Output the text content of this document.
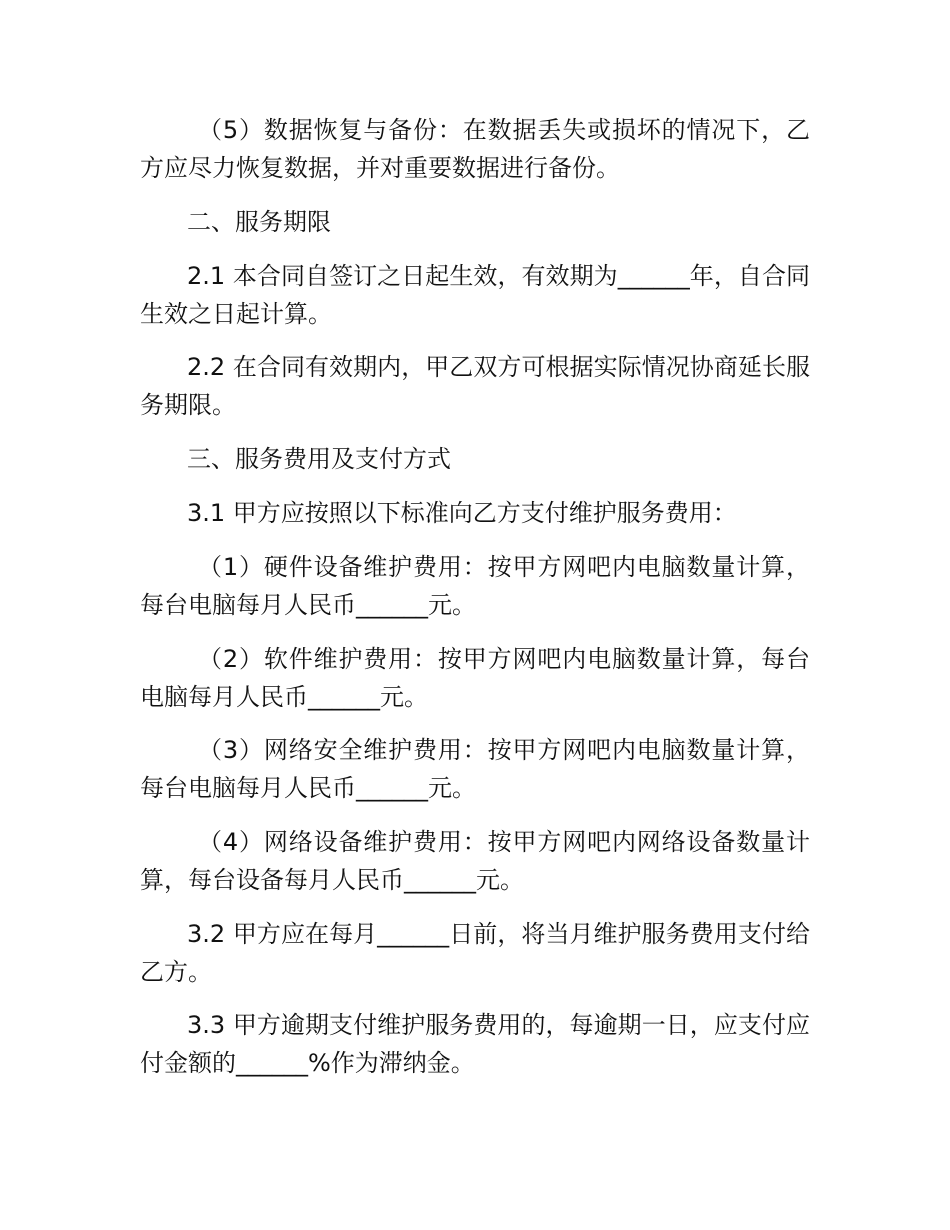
（5）数据恢复与备份：在数据丢失或损坏的情况下，乙方应尽力恢复数据，并对重要数据进行备份。

二、服务期限

2.1 本合同自签订之日起生效，有效期为______年，自合同生效之日起计算。

2.2 在合同有效期内，甲乙双方可根据实际情况协商延长服务期限。

三、服务费用及支付方式

3.1 甲方应按照以下标准向乙方支付维护服务费用：

（1）硬件设备维护费用：按甲方网吧内电脑数量计算，每台电脑每月人民币______元。

（2）软件维护费用：按甲方网吧内电脑数量计算，每台电脑每月人民币______元。

（3）网络安全维护费用：按甲方网吧内电脑数量计算，每台电脑每月人民币______元。

（4）网络设备维护费用：按甲方网吧内网络设备数量计算，每台设备每月人民币______元。

3.2 甲方应在每月______日前，将当月维护服务费用支付给乙方。

3.3 甲方逾期支付维护服务费用的，每逾期一日，应支付应付金额的______%作为滞纳金。
